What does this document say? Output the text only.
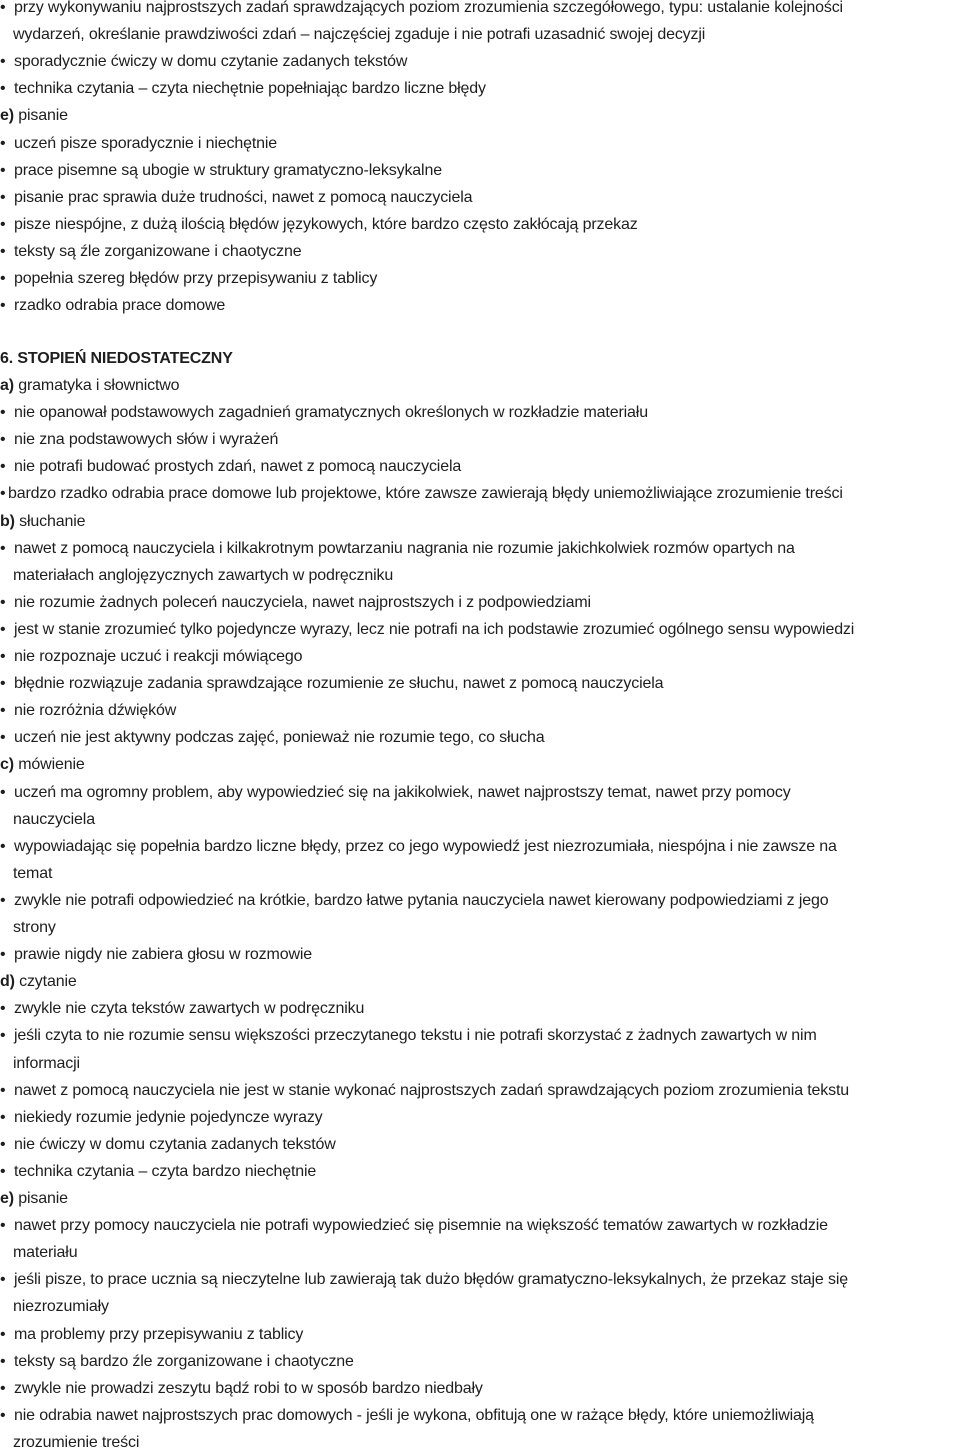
• przy wykonywaniu najprostszych zadań sprawdzających poziom zrozumienia szczegółowego, typu: ustalanie kolejności
wydarzeń, określanie prawdziwości zdań – najczęściej zgaduje i nie potrafi uzasadnić swojej decyzji
• sporadycznie ćwiczy w domu czytanie zadanych tekstów
• technika czytania – czyta niechętnie popełniając bardzo liczne błędy
e) pisanie
• uczeń pisze sporadycznie i niechętnie
• prace pisemne są ubogie w struktury gramatyczno-leksykalne
• pisanie prac sprawia duże trudności, nawet z pomocą nauczyciela
• pisze niespójne, z dużą ilością błędów językowych, które bardzo często zakłócają przekaz
• teksty są źle zorganizowane i chaotyczne
• popełnia szereg błędów przy przepisywaniu z tablicy
• rzadko odrabia prace domowe
6. STOPIEŃ NIEDOSTATECZNY
a) gramatyka i słownictwo
• nie opanował podstawowych zagadnień gramatycznych określonych w rozkładzie materiału
• nie zna podstawowych słów i wyrażeń
• nie potrafi budować prostych zdań, nawet z pomocą nauczyciela
• bardzo rzadko odrabia prace domowe lub projektowe, które zawsze zawierają błędy uniemożliwiające zrozumienie treści
b) słuchanie
• nawet z pomocą nauczyciela i kilkakrotnym powtarzaniu nagrania nie rozumie jakichkolwiek rozmów opartych na
materiałach anglojęzycznych zawartych w podręczniku
• nie rozumie żadnych poleceń nauczyciela, nawet najprostszych i z podpowiedziami
• jest w stanie zrozumieć tylko pojedyncze wyrazy, lecz nie potrafi na ich podstawie zrozumieć ogólnego sensu wypowiedzi
• nie rozpoznaje uczuć i reakcji mówiącego
• błędnie rozwiązuje zadania sprawdzające rozumienie ze słuchu, nawet z pomocą nauczyciela
• nie rozróżnia dźwięków
• uczeń nie jest aktywny podczas zajęć, ponieważ nie rozumie tego, co słucha
c) mówienie
• uczeń ma ogromny problem, aby wypowiedzieć się na jakikolwiek, nawet najprostszy temat, nawet przy pomocy
nauczyciela
• wypowiadając się popełnia bardzo liczne błędy, przez co jego wypowiedź jest niezrozumiała, niespójna i nie zawsze na
temat
• zwykle nie potrafi odpowiedzieć na krótkie, bardzo łatwe pytania nauczyciela nawet kierowany podpowiedziami z jego
strony
• prawie nigdy nie zabiera głosu w rozmowie
d) czytanie
• zwykle nie czyta tekstów zawartych w podręczniku
• jeśli czyta to nie rozumie sensu większości przeczytanego tekstu i nie potrafi skorzystać z żadnych zawartych w nim
informacji
• nawet z pomocą nauczyciela nie jest w stanie wykonać najprostszych zadań sprawdzających poziom zrozumienia tekstu
• niekiedy rozumie jedynie pojedyncze wyrazy
• nie ćwiczy w domu czytania zadanych tekstów
• technika czytania – czyta bardzo niechętnie
e) pisanie
• nawet przy pomocy nauczyciela nie potrafi wypowiedzieć się pisemnie na większość tematów zawartych w rozkładzie
materiału
• jeśli pisze, to prace ucznia są nieczytelne lub zawierają tak dużo błędów gramatyczno-leksykalnych, że przekaz staje się
niezrozumiały
• ma problemy przy przepisywaniu z tablicy
• teksty są bardzo źle zorganizowane i chaotyczne
• zwykle nie prowadzi zeszytu bądź robi to w sposób bardzo niedbały
• nie odrabia nawet najprostszych prac domowych - jeśli je wykona, obfitują one w rażące błędy, które uniemożliwiają
zrozumienie treści
